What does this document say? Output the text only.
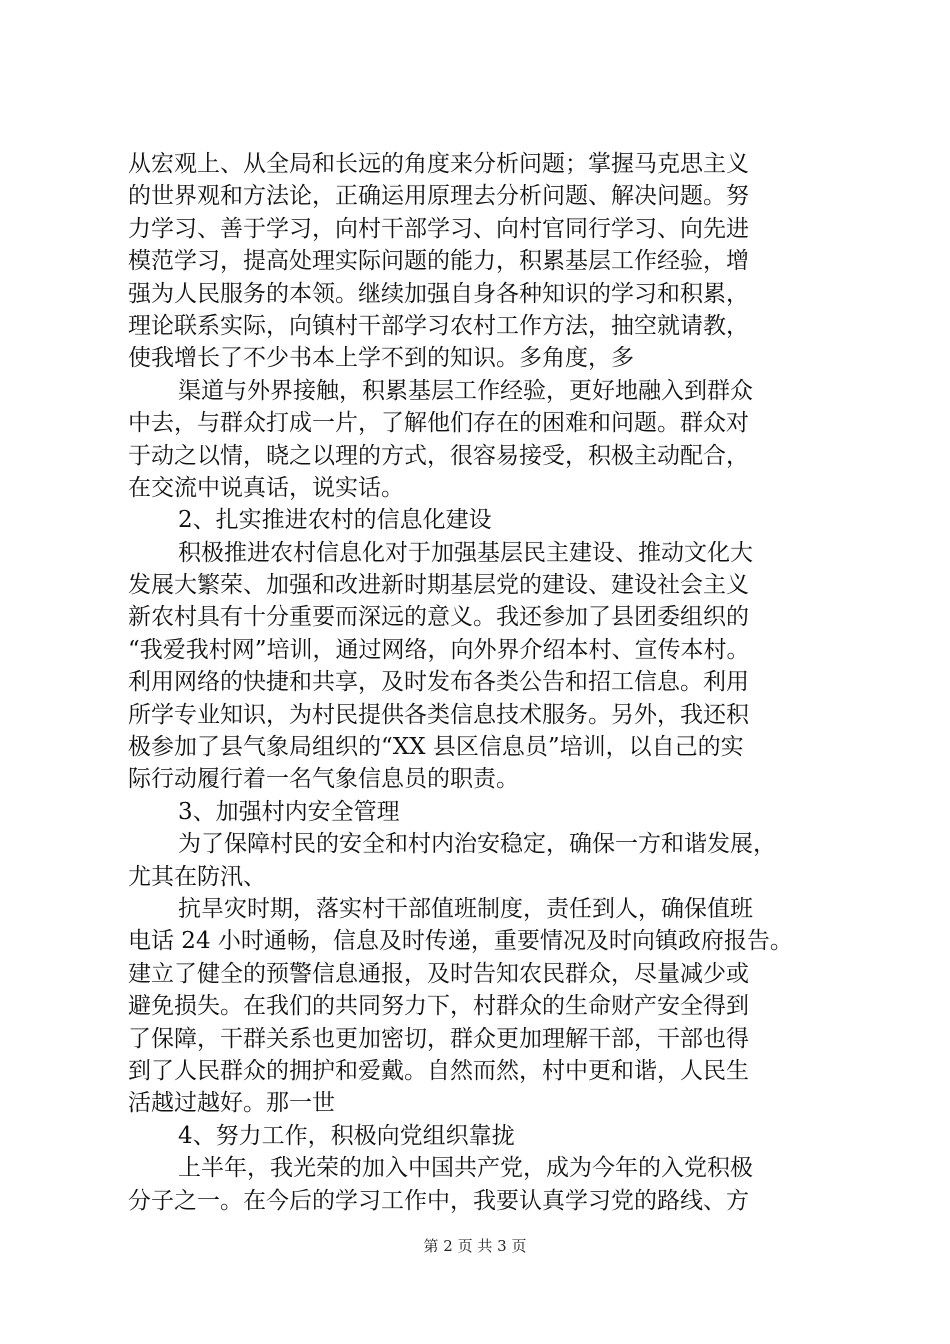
从宏观上、从全局和长远的角度来分析问题；掌握马克思主义
的世界观和方法论，正确运用原理去分析问题、解决问题。努
力学习、善于学习，向村干部学习、向村官同行学习、向先进
模范学习，提高处理实际问题的能力，积累基层工作经验，增
强为人民服务的本领。继续加强自身各种知识的学习和积累，
理论联系实际，向镇村干部学习农村工作方法，抽空就请教，
使我增长了不少书本上学不到的知识。多角度，多
渠道与外界接触，积累基层工作经验，更好地融入到群众
中去，与群众打成一片，了解他们存在的困难和问题。群众对
于动之以情，晓之以理的方式，很容易接受，积极主动配合，
在交流中说真话，说实话。
2、扎实推进农村的信息化建设
积极推进农村信息化对于加强基层民主建设、推动文化大
发展大繁荣、加强和改进新时期基层党的建设、建设社会主义
新农村具有十分重要而深远的意义。我还参加了县团委组织的
“我爱我村网”培训，通过网络，向外界介绍本村、宣传本村。
利用网络的快捷和共享，及时发布各类公告和招工信息。利用
所学专业知识，为村民提供各类信息技术服务。另外，我还积
极参加了县气象局组织的“XX 县区信息员”培训，以自己的实
际行动履行着一名气象信息员的职责。
3、加强村内安全管理
为了保障村民的安全和村内治安稳定，确保一方和谐发展，
尤其在防汛、
抗旱灾时期，落实村干部值班制度，责任到人，确保值班
电话 24 小时通畅，信息及时传递，重要情况及时向镇政府报告。
建立了健全的预警信息通报，及时告知农民群众，尽量减少或
避免损失。在我们的共同努力下，村群众的生命财产安全得到
了保障，干群关系也更加密切，群众更加理解干部，干部也得
到了人民群众的拥护和爱戴。自然而然，村中更和谐，人民生
活越过越好。那一世
4、努力工作，积极向党组织靠拢
上半年，我光荣的加入中国共产党，成为今年的入党积极
分子之一。在今后的学习工作中，我要认真学习党的路线、方
第 2 页 共 3 页
